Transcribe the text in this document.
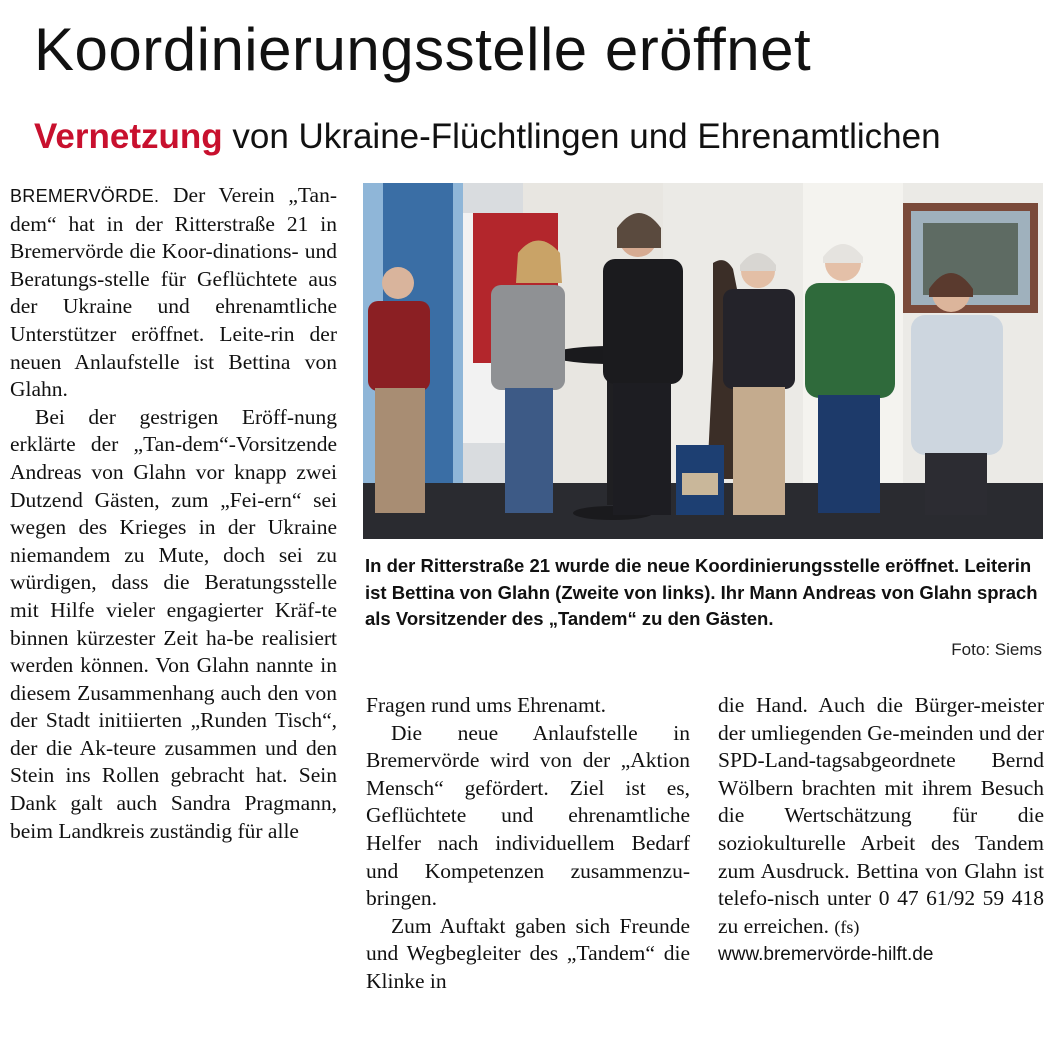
Koordinierungsstelle eröffnet
Vernetzung von Ukraine-Flüchtlingen und Ehrenamtlichen

BREMERVÖRDE. Der Verein „Tan-dem“ hat in der Ritterstraße 21 in Bremervörde die Koor-dinations- und Beratungs-stelle für Geflüchtete aus der Ukraine und ehrenamtliche Unterstützer eröffnet. Leite-rin der neuen Anlaufstelle ist Bettina von Glahn.

Bei der gestrigen Eröff-nung erklärte der „Tan-dem“-Vorsitzende Andreas von Glahn vor knapp zwei Dutzend Gästen, zum „Fei-ern“ sei wegen des Krieges in der Ukraine niemandem zu Mute, doch sei zu würdigen, dass die Beratungsstelle mit Hilfe vieler engagierter Kräf-te binnen kürzester Zeit ha-be realisiert werden können. Von Glahn nannte in diesem Zusammenhang auch den von der Stadt initiierten „Runden Tisch“, der die Ak-teure zusammen und den Stein ins Rollen gebracht hat. Sein Dank galt auch Sandra Pragmann, beim Landkreis zuständig für alle

In der Ritterstraße 21 wurde die neue Koordinierungsstelle eröffnet. Leiterin ist Bettina von Glahn (Zweite von links). Ihr Mann Andreas von Glahn sprach als Vorsitzender des „Tandem“ zu den Gästen.
Foto: Siems

Fragen rund ums Ehrenamt.

Die neue Anlaufstelle in Bremervörde wird von der „Aktion Mensch“ gefördert. Ziel ist es, Geflüchtete und ehrenamtliche Helfer nach individuellem Bedarf und Kompetenzen zusammenzu-bringen.

Zum Auftakt gaben sich Freunde und Wegbegleiter des „Tandem“ die Klinke in

die Hand. Auch die Bürger-meister der umliegenden Ge-meinden und der SPD-Land-tagsabgeordnete Bernd Wölbern brachten mit ihrem Besuch die Wertschätzung für die soziokulturelle Arbeit des Tandem zum Ausdruck. Bettina von Glahn ist telefo-nisch unter 0 47 61/92 59 418 zu erreichen. (fs)

www.bremervörde-hilft.de
